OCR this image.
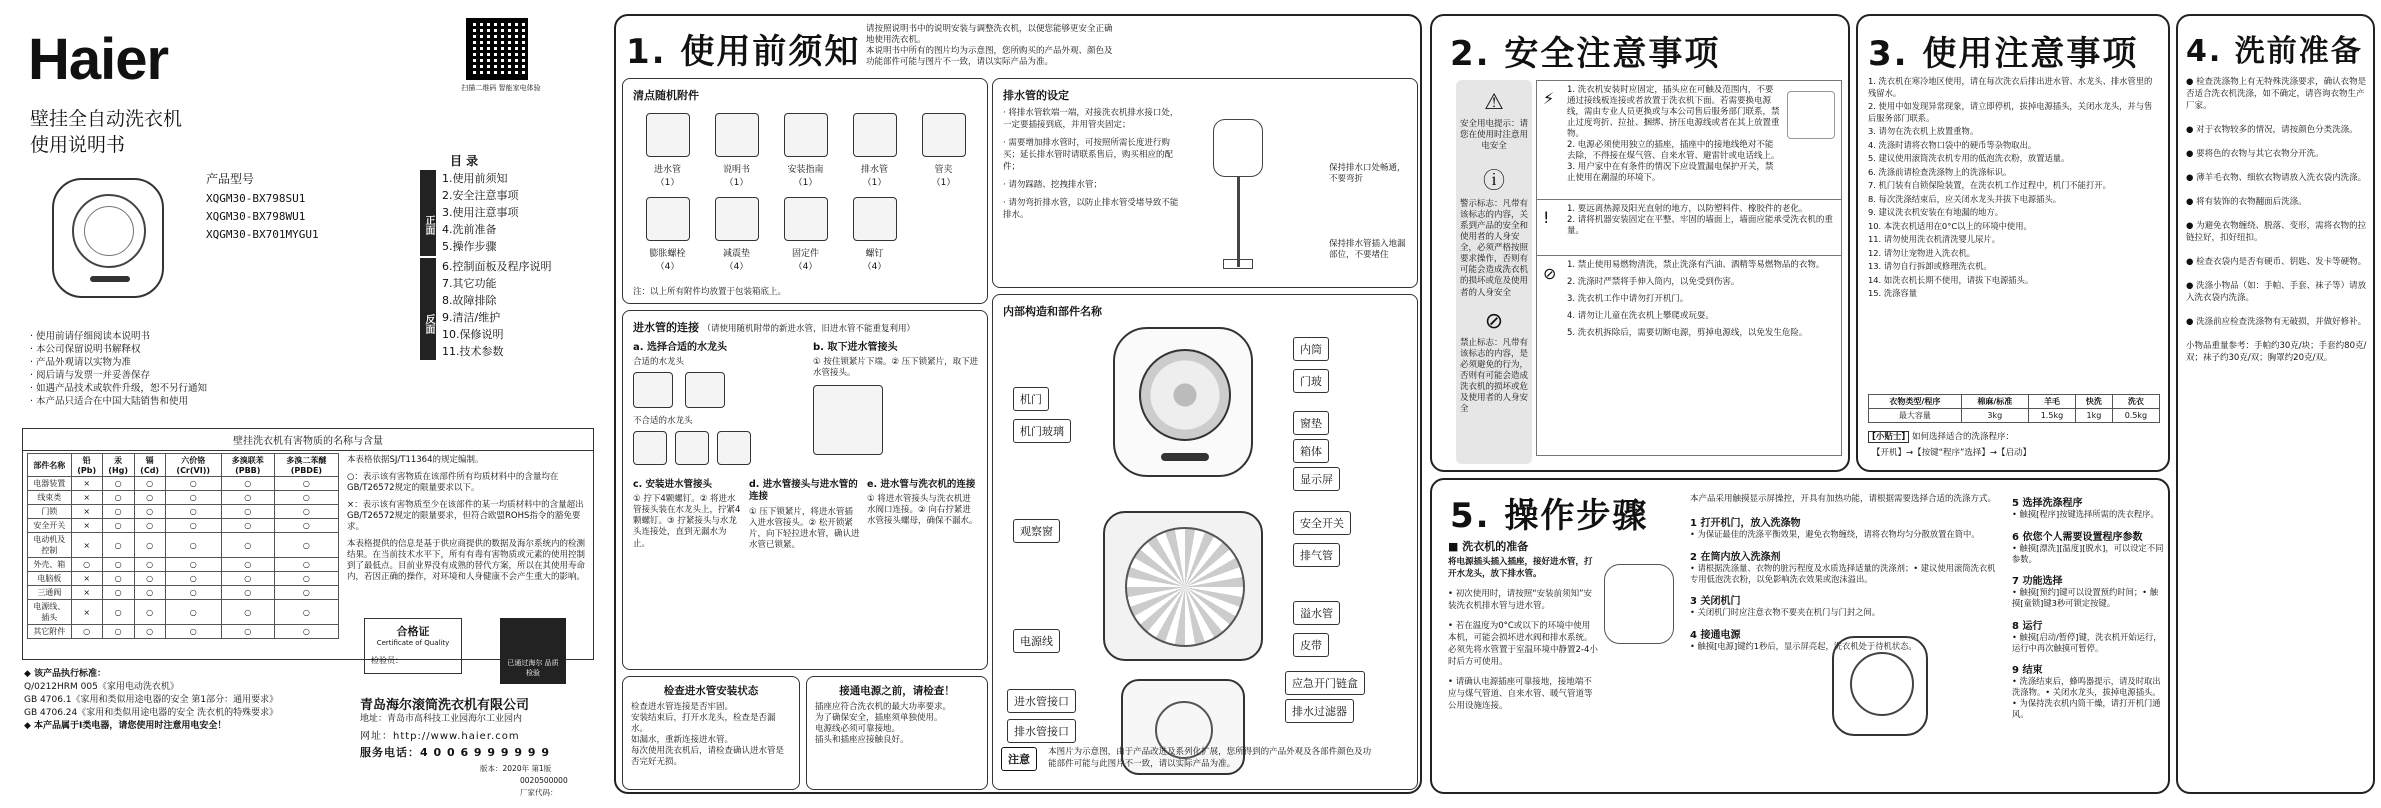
Haier	扫描二维码 智能家电体验
壁挂全自动洗衣机
使用说明书
产品型号
XQGM30-BX798SU1
XQGM30-BX798WU1
XQGM30-BX701MYGU1
目 录
正面
1.使用前须知
2.安全注意事项
3.使用注意事项
4.洗前准备
5.操作步骤
反面
6.控制面板及程序说明
7.其它功能
8.故障排除
9.清洁/维护
10.保修说明
11.技术参数
· 使用前请仔细阅读本说明书
· 本公司保留说明书解释权
· 产品外观请以实物为准
· 阅后请与发票一并妥善保存
· 如遇产品技术或软件升级，恕不另行通知
· 本产品只适合在中国大陆销售和使用
壁挂洗衣机有害物质的名称与含量
部件名称	铅(Pb)	汞(Hg)	镉(Cd)	六价铬(Cr(VI))	多溴联苯(PBB)	多溴二苯醚(PBDE)
电器装置	×	○	○	○	○	○
线束类	×	○	○	○	○	○
门锁	×	○	○	○	○	○
安全开关	×	○	○	○	○	○
电动机及控制	×	○	○	○	○	○
外壳、箱	○	○	○	○	○	○
电脑板	×	○	○	○	○	○
三通阀	×	○	○	○	○	○
电源线、插头	×	○	○	○	○	○
其它附件	○	○	○	○	○	○

本表格依据SJ/T11364的规定编制。

○：表示该有害物质在该部件所有均质材料中的含量均在GB/T26572规定的限量要求以下。

×：表示该有害物质至少在该部件的某一均质材料中的含量超出GB/T26572规定的限量要求，但符合欧盟ROHS指令的豁免要求。

本表格提供的信息是基于供应商提供的数据及海尔系统内的检测结果。在当前技术水平下，所有有毒有害物质或元素的使用控制到了最低点。目前业界没有成熟的替代方案，所以在其使用寿命内，若因正确的操作，对环境和人身健康不会产生重大的影响。

◆ 该产品执行标准：
Q/0212HRM 005《家用电动洗衣机》
GB 4706.1《家用和类似用途电器的安全 第1部分：通用要求》
GB 4706.24《家用和类似用途电器的安全 洗衣机的特殊要求》
◆ 本产品属于I类电器，请您使用时注意用电安全！
合格证
Certificate of Quality
检验员：	已通过海尔 品质检验
青岛海尔滚筒洗衣机有限公司
地址：青岛市高科技工业园海尔工业园内
网址：http://www.haier.com
服务电话：4 0 0 6 9 9 9 9 9 9
版本：2020年 第1版
0020500000
厂家代码：
1. 使用前须知
请按照说明书中的说明安装与调整洗衣机，以便您能够更安全正确地使用洗衣机。
本说明书中所有的图片均为示意图，您所购买的产品外观、颜色及功能部件可能与图片不一致，请以实际产品为准。
清点随机附件
进水管
（1）
说明书
（1）
安装指南
（1）
排水管
（1）
管夹
（1）
膨胀螺栓
（4）
减震垫
（4）
固定件
（4）
螺钉
（4）
注：以上所有附件均放置于包装箱底上。
排水管的设定

· 将排水管软端一端，对接洗衣机排水接口处，一定要插接到底，并用管夹固定；

· 需要增加排水管时，可按照所需长度进行购买；延长排水管时请联系售后，购买相应的配件；

· 请勿踩踏、挖拽排水管；

· 请勿弯折排水管，以防止排水管受堵导致不能排水。

保持排水口处畅通，不要弯折
保持排水管插入地漏部位，不要堵住
进水管的连接 （请使用随机附带的新进水管，旧进水管不能重复利用）
a. 选择合适的水龙头
合适的水龙头
不合适的水龙头
b. 取下进水管接头
① 按住锁紧片下端。② 压下锁紧片，取下进水管接头。
c. 安装进水管接头
① 拧下4颗螺钉。② 将进水管接头装在水龙头上，拧紧4颗螺钉。③ 拧紧接头与水龙头连接处，直到无漏水为止。
d. 进水管接头与进水管的连接
① 压下锁紧片，将进水管插入进水管接头。② 松开锁紧片，向下轻拉进水管，确认进水管已锁紧。
e. 进水管与洗衣机的连接
① 将进水管接头与洗衣机进水阀口连接。② 向右拧紧进水管接头螺母，确保不漏水。
检查进水管安装状态
检查进水管连接是否牢固。
安装结束后，打开水龙头，检查是否漏水。
如漏水，重新连接进水管。
每次使用洗衣机后，请检查确认进水管是否完好无损。
接通电源之前，请检查！
插座应符合洗衣机的最大功率要求。
为了确保安全，插座须单独使用。
电源线必须可靠接地。
插头和插座应接触良好。
内部构造和部件名称
内筒
门玻
机门
机门玻璃
窗垫
箱体
显示屏
安全开关
排气管
观察窗
溢水管
皮带
电源线
应急开门链盒
进水管接口
排水管接口
排水过滤器
注意 本图片为示意图，由于产品改进及系列化扩展，您所得到的产品外观及各部件颜色及功能部件可能与此图片不一致，请以实际产品为准。
2. 安全注意事项
⚠
安全用电提示：请您在使用时注意用电安全
ⓘ
警示标志：凡带有该标志的内容，关系到产品的安全和使用者的人身安全，必须严格按照要求操作，否则有可能会造成洗衣机的损坏或危及使用者的人身安全
⊘
禁止标志：凡带有该标志的内容，是必须避免的行为，否则有可能会造成洗衣机的损坏或危及使用者的人身安全
⚡ 1. 洗衣机安装时应固定，插头应在可触及范围内，不要通过接线板连接或者放置于洗衣机下面。若需要换电源线，需由专业人员更换或与本公司售后服务部门联系，禁止过度弯折、拉扯、捆绑、挤压电源线或者在其上放置重物。

2. 电源必须使用独立的插座，插座中的接地线绝对不能去除，不得接在煤气管、自来水管、避雷针或电话线上。

3. 用户家中在有条件的情况下应设置漏电保护开关，禁止使用在潮湿的环境下。

! 1. 要远离热源及阳光直射的地方，以防塑料件、橡胶件的老化。

2. 请将机器安装固定在平整、牢固的墙面上，墙面应能承受洗衣机的重量。

⊘ 1. 禁止使用易燃物清洗，禁止洗涤有汽油、酒精等易燃物品的衣物。

2. 洗涤时严禁将手伸入筒内，以免受到伤害。

3. 洗衣机工作中请勿打开机门。

4. 请勿让儿童在洗衣机上攀爬或玩耍。

5. 洗衣机拆除后，需要切断电源，剪掉电源线，以免发生危险。

3. 使用注意事项

1. 洗衣机在寒冷地区使用，请在每次洗衣后排出进水管、水龙头、排水管里的残留水。

2. 使用中如发现异常现象，请立即停机，拔掉电源插头，关闭水龙头，并与售后服务部门联系。

3. 请勿在洗衣机上放置重物。

4. 洗涤时请将衣物口袋中的硬币等杂物取出。

5. 建议使用滚筒洗衣机专用的低泡洗衣粉，放置适量。

6. 洗涤前请检查洗涤物上的洗涤标识。

7. 机门装有自锁保险装置，在洗衣机工作过程中，机门不能打开。

8. 每次洗涤结束后，应关闭水龙头并拔下电源插头。

9. 建议洗衣机安装在有地漏的地方。

10. 本洗衣机适用在0°C以上的环境中使用。

11. 请勿使用洗衣机清洗婴儿尿片。

12. 请勿让宠物进入洗衣机。

13. 请勿自行拆卸或修理洗衣机。

14. 如洗衣机长期不使用，请拔下电源插头。

15. 洗涤容量

衣物类型/程序	棉麻/标准	羊毛	快洗	洗衣
最大容量	3kg	1.5kg	1kg	0.5kg
[小贴士] 如何选择适合的洗涤程序：
【开机】→【按键“程序”选择】→【启动】
4. 洗前准备

● 检查洗涤物上有无特殊洗涤要求，确认衣物是否适合洗衣机洗涤，如不确定，请咨询衣物生产厂家。

● 对于衣物较多的情况，请按颜色分类洗涤。

● 要将色的衣物与其它衣物分开洗。

● 薄羊毛衣物、细软衣物请放入洗衣袋内洗涤。

● 将有装饰的衣物翻面后洗涤。

● 为避免衣物缠绕、脱落、变形，需将衣物的拉链拉好，扣好纽扣。

● 检查衣袋内是否有硬币、钥匙、发卡等硬物。

● 洗涤小物品（如：手帕、手套、袜子等）请放入洗衣袋内洗涤。

● 洗涤前应检查洗涤物有无破损，并做好修补。

小物品重量参考：手帕约30克/块；手套约80克/双；袜子约30克/双；胸罩约20克/双。

5. 操作步骤
■ 洗衣机的准备

将电源插头插入插座，接好进水管，打开水龙头，放下排水管。

• 初次使用时，请按照“安装前须知”安装洗衣机排水管与进水管。

• 若在温度为0°C或以下的环境中使用本机，可能会损坏进水阀和排水系统。必须先将水管置于室温环境中静置2-4小时后方可使用。

• 请确认电源插座可靠接地，接地端不应与煤气管道、自来水管、暖气管道等公用设施连接。

本产品采用触摸显示屏操控，开具有加热功能，请根据需要选择合适的洗涤方式。
1 打开机门，放入洗涤物
• 为保证最佳的洗涤平衡效果，避免衣物缠绕，请将衣物均匀分散放置在筒中。
2 在筒内放入洗涤剂
• 请根据洗涤量、衣物的脏污程度及水质选择适量的洗涤剂；• 建议使用滚筒洗衣机专用低泡洗衣粉，以免影响洗衣效果或泡沫溢出。
3 关闭机门
• 关闭机门时应注意衣物不要夹在机门与门封之间。
4 接通电源
• 触摸[电源]键约1秒后，显示屏亮起，洗衣机处于待机状态。
5 选择洗涤程序
• 触摸[程序]按键选择所需的洗衣程序。
6 依您个人需要设置程序参数
• 触摸[漂洗][温度][脱水]，可以设定不同参数。
7 功能选择
• 触摸[预约]键可以设置预约时间；• 触摸[童锁]键3秒可锁定按键。
8 运行
• 触摸[启动/暂停]键，洗衣机开始运行，运行中再次触摸可暂停。
9 结束
• 洗涤结束后，蜂鸣器提示，请及时取出洗涤物。• 关闭水龙头，拔掉电源插头。• 为保持洗衣机内筒干燥，请打开机门通风。
